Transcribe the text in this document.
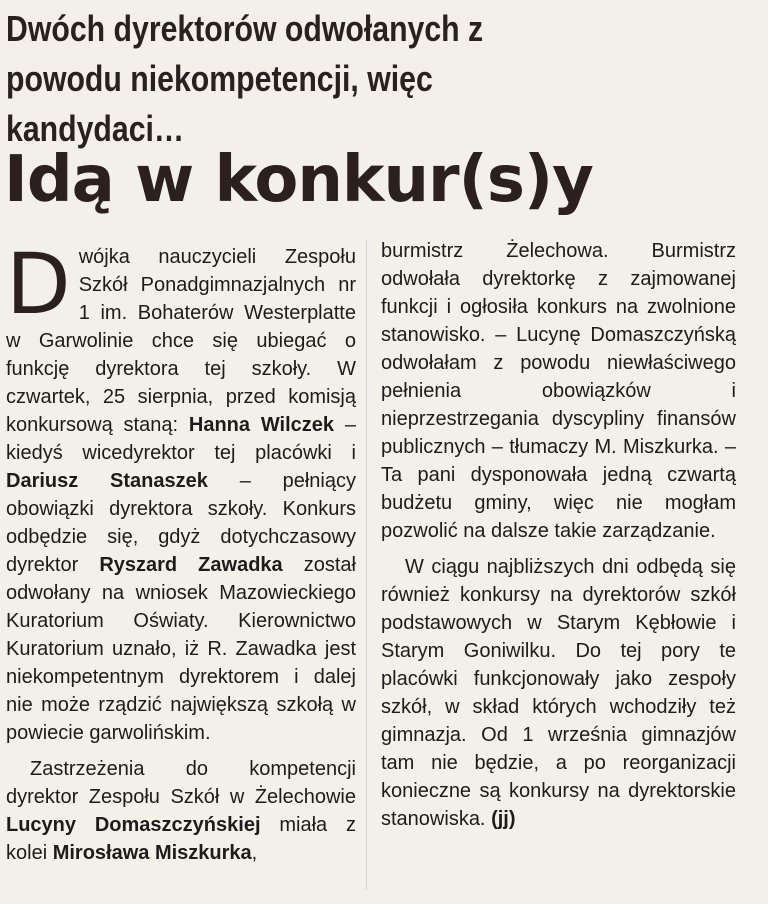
Dwóch dyrektorów odwołanych z powodu niekompetencji, więc kandydaci…
Idą w konkur(s)y

Dwójka nauczycieli Zespołu Szkół Ponadgimnazjalnych nr 1 im. Bohaterów Westerplatte w Garwolinie chce się ubiegać o funkcję dyrektora tej szkoły. W czwartek, 25 sierpnia, przed komisją konkursową staną: Hanna Wilczek – kiedyś wicedyrektor tej placówki i Dariusz Stanaszek – pełniący obowiązki dyrektora szkoły. Konkurs odbędzie się, gdyż dotychczasowy dyrektor Ryszard Zawadka został odwołany na wniosek Mazowieckiego Kuratorium Oświaty. Kierownictwo Kuratorium uznało, iż R. Zawadka jest niekompetentnym dyrektorem i dalej nie może rządzić największą szkołą w powiecie garwolińskim.

Zastrzeżenia do kompetencji dyrektor Zespołu Szkół w Żelechowie Lucyny Domaszczyńskiej miała z kolei Mirosława Miszkurka,

burmistrz Żelechowa. Burmistrz odwołała dyrektorkę z zajmowanej funkcji i ogłosiła konkurs na zwolnione stanowisko. – Lucynę Domaszczyńską odwołałam z powodu niewłaściwego pełnienia obowiązków i nieprzestrzegania dyscypliny finansów publicznych – tłumaczy M. Miszkurka. – Ta pani dysponowała jedną czwartą budżetu gminy, więc nie mogłam pozwolić na dalsze takie zarządzanie.

W ciągu najbliższych dni odbędą się również konkursy na dyrektorów szkół podstawowych w Starym Kębłowie i Starym Goniwilku. Do tej pory te placówki funkcjonowały jako zespoły szkół, w skład których wchodziły też gimnazja. Od 1 września gimnazjów tam nie będzie, a po reorganizacji konieczne są konkursy na dyrektorskie stanowiska. (jj)
